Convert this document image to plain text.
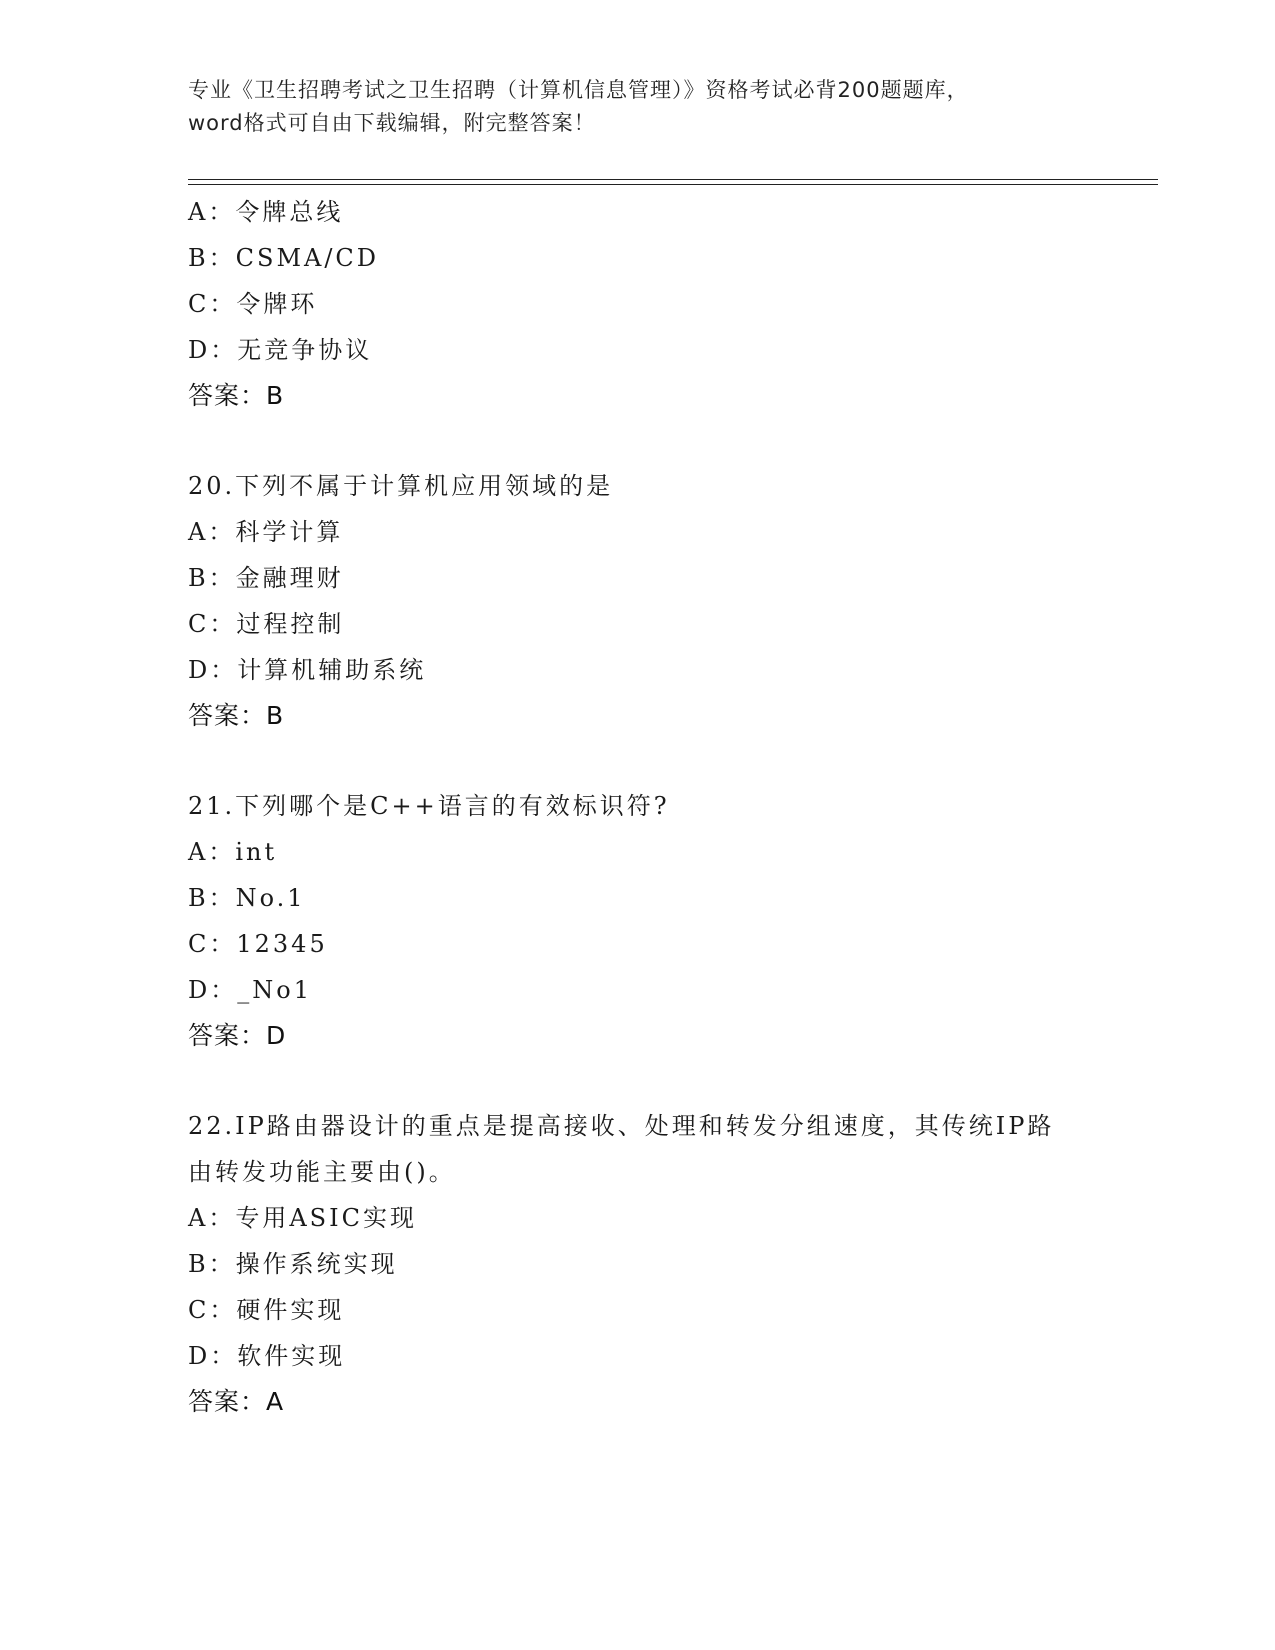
专业《卫生招聘考试之卫生招聘（计算机信息管理）》资格考试必背200题题库，
word格式可自由下载编辑，附完整答案！
A：令牌总线
B：CSMA/CD
C：令牌环
D：无竞争协议
答案：B
20.下列不属于计算机应用领域的是
A：科学计算
B：金融理财
C：过程控制
D：计算机辅助系统
答案：B
21.下列哪个是C++语言的有效标识符?
A：int
B：No.1
C：12345
D：_No1
答案：D
22.IP路由器设计的重点是提高接收、处理和转发分组速度，其传统IP路由转发功能主要由()。
A：专用ASIC实现
B：操作系统实现
C：硬件实现
D：软件实现
答案：A
